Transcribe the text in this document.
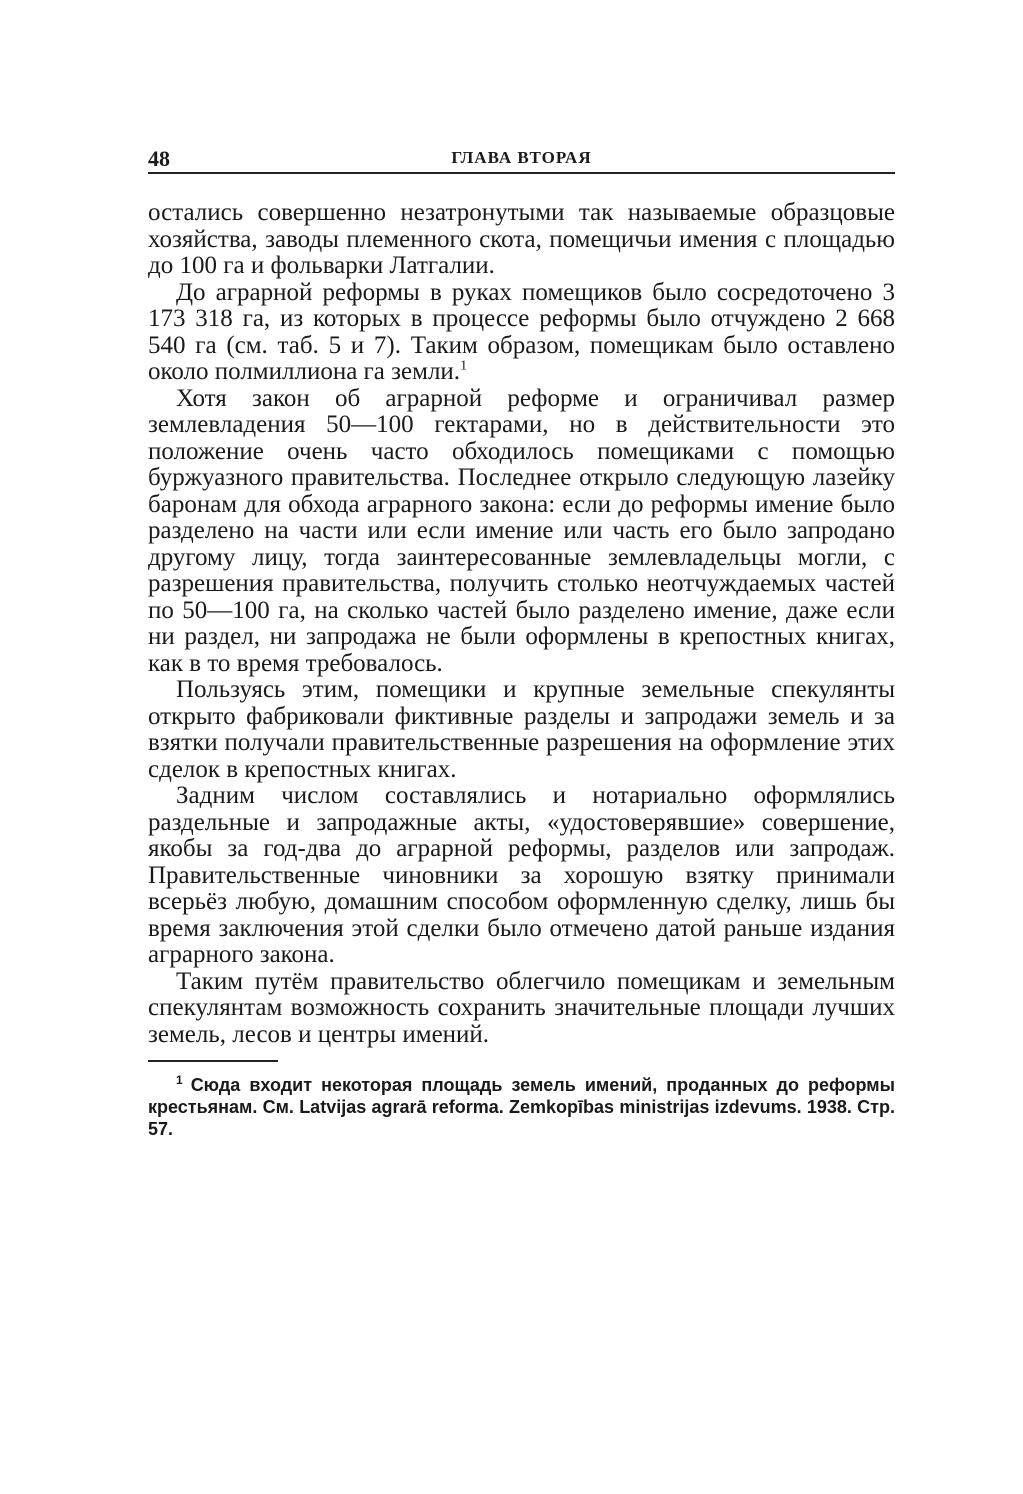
48	ГЛАВА ВТОРАЯ

остались совершенно незатронутыми так называемые образцовые хозяйства, заводы племенного скота, помещичьи имения с площадью до 100 га и фольварки Латгалии.

До аграрной реформы в руках помещиков было сосредоточено 3 173 318 га, из которых в процессе реформы было отчуждено 2 668 540 га (см. таб. 5 и 7). Таким образом, помещикам было оставлено около полмиллиона га земли.$^1$

Хотя закон об аграрной реформе и ограничивал размер землевладения 50—100 гектарами, но в действительности это положение очень часто обходилось помещиками с помощью буржуазного правительства. Последнее открыло следующую лазейку баронам для обхода аграрного закона: если до реформы имение было разделено на части или если имение или часть его было запродано другому лицу, тогда заинтересованные землевладельцы могли, с разрешения правительства, получить столько неотчуждаемых частей по 50—100 га, на сколько частей было разделено имение, даже если ни раздел, ни запродажа не были оформлены в крепостных книгах, как в то время требовалось.

Пользуясь этим, помещики и крупные земельные спекулянты открыто фабриковали фиктивные разделы и запродажи земель и за взятки получали правительственные разрешения на оформление этих сделок в крепостных книгах.

Задним числом составлялись и нотариально оформлялись раздельные и запродажные акты, «удостоверявшие» совершение, якобы за год-два до аграрной реформы, разделов или запродаж. Правительственные чиновники за хорошую взятку принимали всерьёз любую, домашним способом оформленную сделку, лишь бы время заключения этой сделки было отмечено датой раньше издания аграрного закона.

Таким путём правительство облегчило помещикам и земельным спекулянтам возможность сохранить значительные площади лучших земель, лесов и центры имений.

$^1$ Сюда входит некоторая площадь земель имений, проданных до реформы крестьянам. См. Latvijas agrarā reforma. Zemkopības ministrijas izdevums. 1938. Стр. 57.
